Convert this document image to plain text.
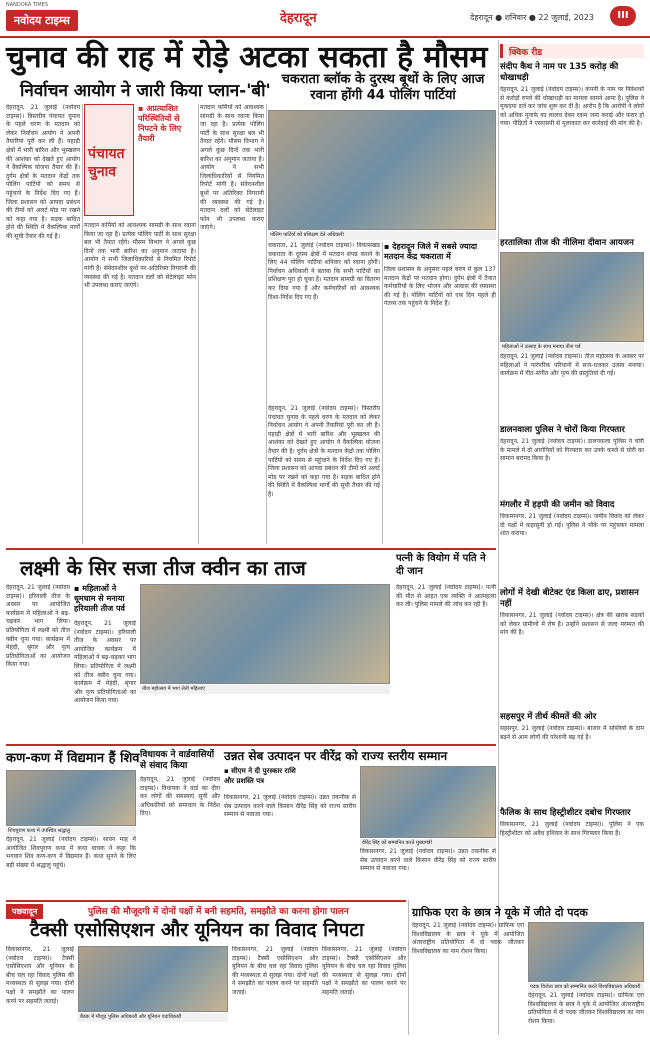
NANDOKA TIMES
नवोदय टाइम्स	देहरादून	देहरादून ● शनिवार ● 22 जुलाई, 2023	III
चुनाव की राह में रोड़े अटका सकता है मौसम
निर्वाचन आयोग ने जारी किया प्लान-'बी'
चकराता ब्लॉक के दुरस्थ बूथों के लिए आज रवाना होंगी 44 पोलिंग पार्टियां

देहरादून, 21 जुलाई (नवोदय टाइम्स)। त्रिस्तरीय पंचायत चुनाव के पहले चरण के मतदान को लेकर निर्वाचन आयोग ने अपनी तैयारियां पूरी कर ली हैं। पहाड़ी क्षेत्रों में भारी बारिश और भूस्खलन की आशंका को देखते हुए आयोग ने वैकल्पिक योजना तैयार की है। दुर्गम क्षेत्रों के मतदान केंद्रों तक पोलिंग पार्टियों को समय से पहुंचाने के निर्देश दिए गए हैं। जिला प्रशासन को आपदा प्रबंधन की टीमों को अलर्ट मोड पर रखने को कहा गया है। सड़क बाधित होने की स्थिति में वैकल्पिक मार्गों की सूची तैयार की गई है।

पंचायत
चुनाव
▪ अप्रत्याशित परिस्थितियों से निपटने के लिए तैयारी

मतदान कर्मियों को आवश्यक सामग्री के साथ रवाना किया जा रहा है। प्रत्येक पोलिंग पार्टी के साथ सुरक्षा बल भी तैनात रहेंगे। मौसम विभाग ने अगले कुछ दिनों तक भारी बारिश का अनुमान जताया है। आयोग ने सभी जिलाधिकारियों से नियमित रिपोर्ट मांगी है। संवेदनशील बूथों पर अतिरिक्त निगरानी की व्यवस्था की गई है। मतदान दलों को सेटेलाइट फोन भी उपलब्ध कराए जाएंगे।

मतदान कर्मियों को आवश्यक सामग्री के साथ रवाना किया जा रहा है। प्रत्येक पोलिंग पार्टी के साथ सुरक्षा बल भी तैनात रहेंगे। मौसम विभाग ने अगले कुछ दिनों तक भारी बारिश का अनुमान जताया है। आयोग ने सभी जिलाधिकारियों से नियमित रिपोर्ट मांगी है। संवेदनशील बूथों पर अतिरिक्त निगरानी की व्यवस्था की गई है। मतदान दलों को सेटेलाइट फोन भी उपलब्ध कराए जाएंगे।

पोलिंग पार्टियों को प्रशिक्षण देते अधिकारी

चकराता, 21 जुलाई (नवोदय टाइम्स)। विकासखंड चकराता के दूरस्थ क्षेत्रों में मतदान संपन्न कराने के लिए 44 पोलिंग पार्टियां शनिवार को रवाना होंगी। निर्वाचन अधिकारी ने बताया कि सभी पार्टियों का प्रशिक्षण पूरा हो चुका है। मतदान सामग्री का वितरण कर दिया गया है और कर्मचारियों को आवश्यक दिशा-निर्देश दिए गए हैं।

▪ देहरादून जिले में सबसे ज्यादा मतदान केंद्र चकराता में

जिला प्रशासन के अनुसार पहले चरण में कुल 137 मतदान केंद्रों पर मतदान होगा। दुर्गम क्षेत्रों में तैनात कर्मचारियों के लिए भोजन और आवास की व्यवस्था की गई है। पोलिंग पार्टियों को एक दिन पहले ही गंतव्य तक पहुंचने के निर्देश हैं।

देहरादून, 21 जुलाई (नवोदय टाइम्स)। त्रिस्तरीय पंचायत चुनाव के पहले चरण के मतदान को लेकर निर्वाचन आयोग ने अपनी तैयारियां पूरी कर ली हैं। पहाड़ी क्षेत्रों में भारी बारिश और भूस्खलन की आशंका को देखते हुए आयोग ने वैकल्पिक योजना तैयार की है। दुर्गम क्षेत्रों के मतदान केंद्रों तक पोलिंग पार्टियों को समय से पहुंचाने के निर्देश दिए गए हैं। जिला प्रशासन को आपदा प्रबंधन की टीमों को अलर्ट मोड पर रखने को कहा गया है। सड़क बाधित होने की स्थिति में वैकल्पिक मार्गों की सूची तैयार की गई है।

क्विक रीड
संदीप कैथ ने नाम पर 135 करोड़ की धोखाधड़ी

देहरादून, 21 जुलाई (नवोदय टाइम्स)। कंपनी के नाम पर निवेशकों से करोड़ों रुपये की धोखाधड़ी का मामला सामने आया है। पुलिस ने मुकदमा दर्ज कर जांच शुरू कर दी है। आरोप है कि आरोपी ने लोगों को अधिक मुनाफे का लालच देकर रकम जमा कराई और फरार हो गया। पीड़ितों ने एसएसपी से मुलाकात कर कार्रवाई की मांग की है।

हरतालिका तीज की नीलिमा दीवान आयजन
महिलाओं ने उत्साह के साथ मनाया तीज पर्व

देहरादून, 21 जुलाई (नवोदय टाइम्स)। तीज महोत्सव के अवसर पर महिलाओं ने पारंपरिक परिधानों में सज-धजकर उत्सव मनाया। कार्यक्रम में गीत-संगीत और नृत्य की प्रस्तुतियां दी गईं।

डालनवाला पुलिस ने चोरों किया गिरफ्तार

देहरादून, 21 जुलाई (नवोदय टाइम्स)। डालनवाला पुलिस ने चोरी के मामले में दो आरोपियों को गिरफ्तार कर उनके कब्जे से चोरी का सामान बरामद किया है।

मंगलौर में हड़पी की जमीन को विवाद

विकासनगर, 21 जुलाई (नवोदय टाइम्स)। जमीन विवाद को लेकर दो पक्षों में कहासुनी हो गई। पुलिस ने मौके पर पहुंचकर मामला शांत कराया।

लोगों में देखी बीटेक्ट एंड किला ढाए, प्रशासन नहीं

विकासनगर, 21 जुलाई (नवोदय टाइम्स)। क्षेत्र की खराब सड़कों को लेकर ग्रामीणों में रोष है। उन्होंने प्रशासन से जल्द मरम्मत की मांग की है।

सहसपुर में तीर्थ कीमतें की ओर

सहसपुर, 21 जुलाई (नवोदय टाइम्स)। बाजार में सब्जियों के दाम बढ़ने से आम लोगों की परेशानी बढ़ गई है।

फैलिक के साथ हिस्ट्रीशीटर दबोच गिरफ्तार

विकासनगर, 21 जुलाई (नवोदय टाइम्स)। पुलिस ने एक हिस्ट्रीशीटर को अवैध हथियार के साथ गिरफ्तार किया है।

लक्ष्मी के सिर सजा तीज क्वीन का ताज	पत्नी के वियोग में पति ने दी जान

देहरादून, 21 जुलाई (नवोदय टाइम्स)। हरियाली तीज के अवसर पर आयोजित कार्यक्रम में महिलाओं ने बढ़-चढ़कर भाग लिया। प्रतियोगिता में लक्ष्मी को तीज क्वीन चुना गया। कार्यक्रम में मेहंदी, श्रृंगार और नृत्य प्रतियोगिताओं का आयोजन किया गया।

▪ महिलाओं ने धूमधाम से मनाया हरियाली तीज पर्व
तीज महोत्सव में भाग लेती महिलाएं

देहरादून, 21 जुलाई (नवोदय टाइम्स)। हरियाली तीज के अवसर पर आयोजित कार्यक्रम में महिलाओं ने बढ़-चढ़कर भाग लिया। प्रतियोगिता में लक्ष्मी को तीज क्वीन चुना गया। कार्यक्रम में मेहंदी, श्रृंगार और नृत्य प्रतियोगिताओं का आयोजन किया गया।

देहरादून, 21 जुलाई (नवोदय टाइम्स)। पत्नी की मौत से आहत एक व्यक्ति ने आत्महत्या कर ली। पुलिस मामले की जांच कर रही है।

कण-कण में विद्यमान हैं शिव
शिवपुराण कथा में उपस्थित श्रद्धालु

देहरादून, 21 जुलाई (नवोदय टाइम्स)। सावन माह में आयोजित शिवपुराण कथा में कथा वाचक ने कहा कि भगवान शिव कण-कण में विद्यमान हैं। कथा सुनने के लिए बड़ी संख्या में श्रद्धालु पहुंचे।

विधायक ने वार्डवासियों से संवाद किया

देहरादून, 21 जुलाई (नवोदय टाइम्स)। विधायक ने वार्ड का दौरा कर लोगों की समस्याएं सुनीं और अधिकारियों को समाधान के निर्देश दिए।

उन्नत सेब उत्पादन पर वीरेंद्र को राज्य स्तरीय सम्मान
▪ सीएम ने दी पुरस्कार राशि और प्रशस्ति पत्र
वीरेंद्र सिंह को सम्मानित करते मुख्यमंत्री

विकासनगर, 21 जुलाई (नवोदय टाइम्स)। उन्नत तकनीक से सेब उत्पादन करने वाले किसान वीरेंद्र सिंह को राज्य स्तरीय सम्मान से नवाजा गया।

विकासनगर, 21 जुलाई (नवोदय टाइम्स)। उन्नत तकनीक से सेब उत्पादन करने वाले किसान वीरेंद्र सिंह को राज्य स्तरीय सम्मान से नवाजा गया।

पछवादून	पुलिस की मौजूदगी में दोनों पक्षों में बनी सहमति, समझौते का करना होगा पालन
टैक्सी एसोसिएशन और यूनियन का विवाद निपटा

विकासनगर, 21 जुलाई (नवोदय टाइम्स)। टैक्सी एसोसिएशन और यूनियन के बीच चल रहा विवाद पुलिस की मध्यस्थता से सुलझ गया। दोनों पक्षों ने समझौते का पालन करने पर सहमति जताई।

बैठक में मौजूद पुलिस अधिकारी और यूनियन पदाधिकारी

विकासनगर, 21 जुलाई (नवोदय टाइम्स)। टैक्सी एसोसिएशन और यूनियन के बीच चल रहा विवाद पुलिस की मध्यस्थता से सुलझ गया। दोनों पक्षों ने समझौते का पालन करने पर सहमति जताई।

विकासनगर, 21 जुलाई (नवोदय टाइम्स)। टैक्सी एसोसिएशन और यूनियन के बीच चल रहा विवाद पुलिस की मध्यस्थता से सुलझ गया। दोनों पक्षों ने समझौते का पालन करने पर सहमति जताई।

ग्राफिक एरा के छात्र ने यूके में जीते दो पदक

देहरादून, 21 जुलाई (नवोदय टाइम्स)। ग्राफिक एरा विश्वविद्यालय के छात्र ने यूके में आयोजित अंतरराष्ट्रीय प्रतियोगिता में दो पदक जीतकर विश्वविद्यालय का नाम रोशन किया।

पदक विजेता छात्र को सम्मानित करते विश्वविद्यालय अधिकारी

देहरादून, 21 जुलाई (नवोदय टाइम्स)। ग्राफिक एरा विश्वविद्यालय के छात्र ने यूके में आयोजित अंतरराष्ट्रीय प्रतियोगिता में दो पदक जीतकर विश्वविद्यालय का नाम रोशन किया।
